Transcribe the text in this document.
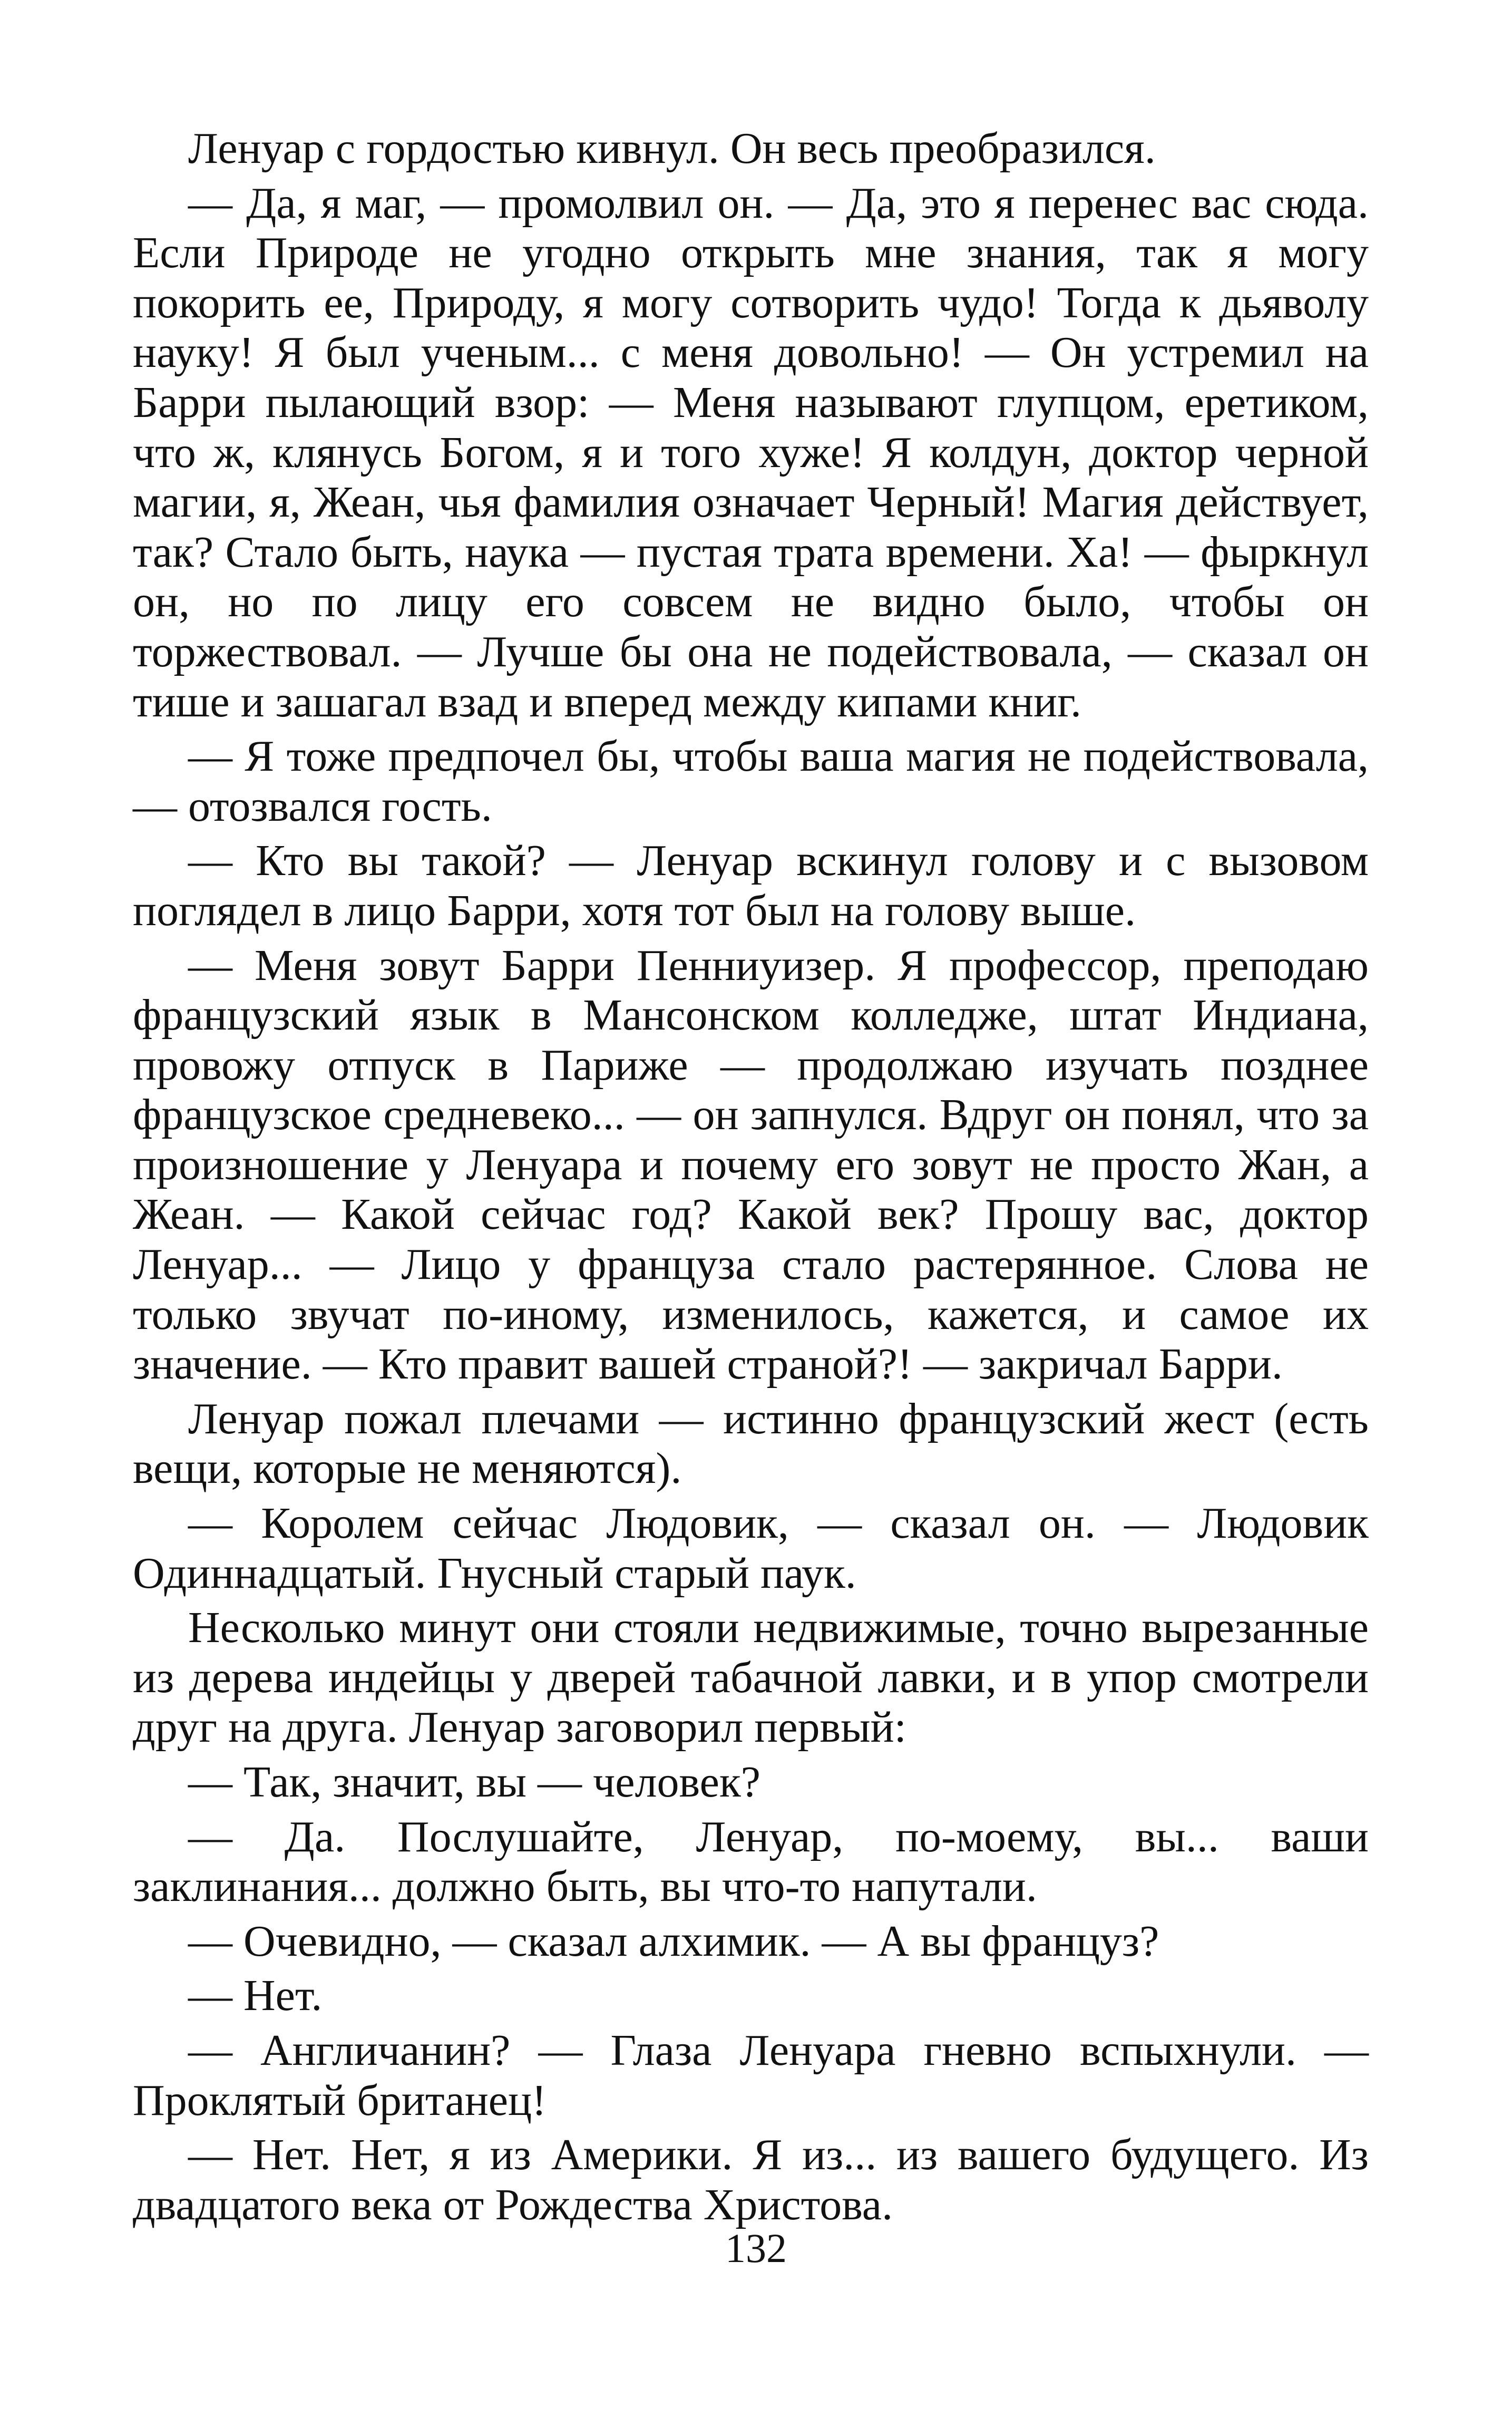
Ленуар с гордостью кивнул. Он весь преобразился.

— Да, я маг, — промолвил он. — Да, это я перенес вас сюда. Если Природе не угодно открыть мне знания, так я могу покорить ее, Природу, я могу сотворить чудо! Тогда к дьяволу науку! Я был ученым... с меня довольно! — Он устремил на Барри пылающий взор: — Меня называют глупцом, еретиком, что ж, клянусь Богом, я и того хуже! Я колдун, доктор черной магии, я, Жеан, чья фамилия означает Черный! Магия действует, так? Стало быть, наука — пустая трата времени. Ха! — фыркнул он, но по лицу его совсем не видно было, чтобы он торжествовал. — Лучше бы она не подействовала, — сказал он тише и зашагал взад и вперед между кипами книг.

— Я тоже предпочел бы, чтобы ваша магия не подействовала, — отозвался гость.

— Кто вы такой? — Ленуар вскинул голову и с вызовом поглядел в лицо Барри, хотя тот был на голову выше.

— Меня зовут Барри Пенниуизер. Я профессор, преподаю французский язык в Мансонском колледже, штат Индиана, провожу отпуск в Париже — продолжаю изучать позднее французское средневеко... — он запнулся. Вдруг он понял, что за произношение у Ленуара и почему его зовут не просто Жан, а Жеан. — Какой сейчас год? Какой век? Прошу вас, доктор Ленуар... — Лицо у француза стало растерянное. Слова не только звучат по-иному, изменилось, кажется, и самое их значение. — Кто правит вашей страной?! — закричал Барри.

Ленуар пожал плечами — истинно французский жест (есть вещи, которые не меняются).

— Королем сейчас Людовик, — сказал он. — Людовик Одиннадцатый. Гнусный старый паук.

Несколько минут они стояли недвижимые, точно вырезанные из дерева индейцы у дверей табачной лавки, и в упор смотрели друг на друга. Ленуар заговорил первый:

— Так, значит, вы — человек?

— Да. Послушайте, Ленуар, по-моему, вы... ваши заклинания... должно быть, вы что-то напутали.

— Очевидно, — сказал алхимик. — А вы француз?

— Нет.

— Англичанин? — Глаза Ленуара гневно вспыхнули. — Проклятый британец!

— Нет. Нет, я из Америки. Я из... из вашего будущего. Из двадцатого века от Рождества Христова.

132
